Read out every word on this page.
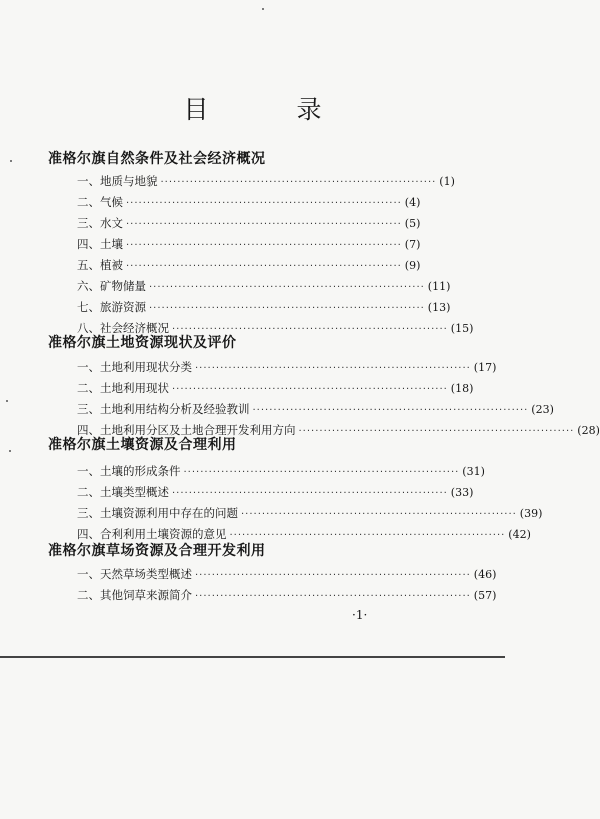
目 录
准格尔旗自然条件及社会经济概况
一、地质与地貌 ·································································· (1)
二、气候 ·································································· (4)
三、水文 ·································································· (5)
四、土壤 ·································································· (7)
五、植被 ·································································· (9)
六、矿物储量 ·································································· (11)
七、旅游资源 ·································································· (13)
八、社会经济概况 ·································································· (15)
准格尔旗土地资源现状及评价
一、土地利用现状分类 ·································································· (17)
二、土地利用现状 ·································································· (18)
三、土地利用结构分析及经验教训 ·································································· (23)
四、土地利用分区及土地合理开发利用方向 ·································································· (28)
准格尔旗土壤资源及合理利用
一、土壤的形成条件 ·································································· (31)
二、土壤类型概述 ·································································· (33)
三、土壤资源利用中存在的问题 ·································································· (39)
四、合利利用土壤资源的意见 ·································································· (42)
准格尔旗草场资源及合理开发利用
一、天然草场类型概述 ·································································· (46)
二、其他饲草来源简介 ·································································· (57)
·1·
